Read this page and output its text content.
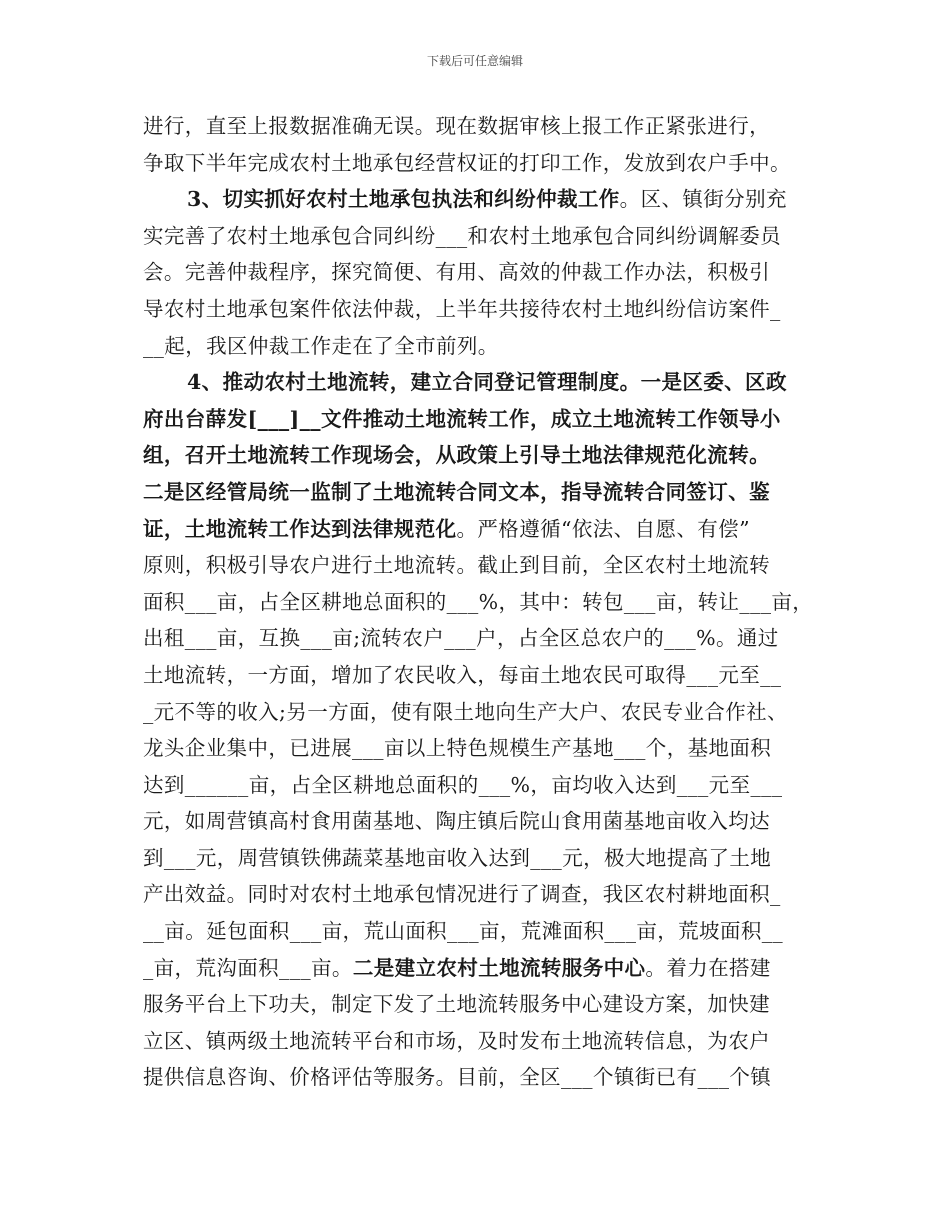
下载后可任意编辑
进行，直至上报数据准确无误。现在数据审核上报工作正紧张进行，
争取下半年完成农村土地承包经营权证的打印工作，发放到农户手中。
3、切实抓好农村土地承包执法和纠纷仲裁工作。区、镇街分别充
实完善了农村土地承包合同纠纷___和农村土地承包合同纠纷调解委员
会。完善仲裁程序，探究简便、有用、高效的仲裁工作办法，积极引
导农村土地承包案件依法仲裁，上半年共接待农村土地纠纷信访案件_
__起，我区仲裁工作走在了全市前列。
4、推动农村土地流转，建立合同登记管理制度。一是区委、区政
府出台薛发[___]__文件推动土地流转工作，成立土地流转工作领导小
组，召开土地流转工作现场会，从政策上引导土地法律规范化流转。
二是区经管局统一监制了土地流转合同文本，指导流转合同签订、鉴
证，土地流转工作达到法律规范化。严格遵循“依法、自愿、有偿”
原则，积极引导农户进行土地流转。截止到目前，全区农村土地流转
面积___亩，占全区耕地总面积的___%，其中：转包___亩，转让___亩，
出租___亩，互换___亩;流转农户___户，占全区总农户的___%。通过
土地流转，一方面，增加了农民收入，每亩土地农民可取得___元至__
_元不等的收入;另一方面，使有限土地向生产大户、农民专业合作社、
龙头企业集中，已进展___亩以上特色规模生产基地___个，基地面积
达到______亩，占全区耕地总面积的___%，亩均收入达到___元至___
元，如周营镇高村食用菌基地、陶庄镇后院山食用菌基地亩收入均达
到___元，周营镇铁佛蔬菜基地亩收入达到___元，极大地提高了土地
产出效益。同时对农村土地承包情况进行了调查，我区农村耕地面积_
__亩。延包面积___亩，荒山面积___亩，荒滩面积___亩，荒坡面积__
_亩，荒沟面积___亩。二是建立农村土地流转服务中心。着力在搭建
服务平台上下功夫，制定下发了土地流转服务中心建设方案，加快建
立区、镇两级土地流转平台和市场，及时发布土地流转信息，为农户
提供信息咨询、价格评估等服务。目前，全区___个镇街已有___个镇
